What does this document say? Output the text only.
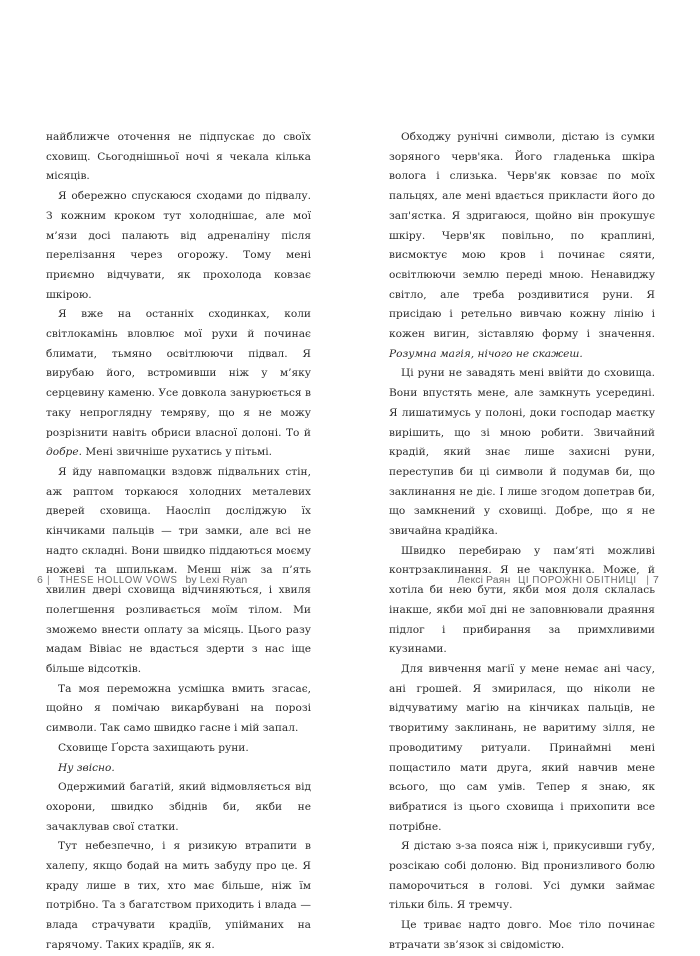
найближче оточення не підпускає до своїх сховищ. Сьогоднішньої ночі я чекала кілька місяців.

Я обережно спускаюся сходами до підвалу. З кожним кроком тут холоднішає, але мої м’язи досі палають від адреналіну після перелізання через огорожу. Тому мені приємно відчувати, як прохолода ковзає шкірою.

Я вже на останніх сходинках, коли світлокамінь вловлює мої рухи й починає блимати, тьмяно освітлюючи підвал. Я вирубаю його, встромивши ніж у м’яку серцевину каменю. Усе довкола занурюється в таку непроглядну темряву, що я не можу розрізнити навіть обриси власної долоні. То й добре. Мені звичніше рухатись у пітьмі.

Я йду навпомацки вздовж підвальних стін, аж раптом торкаюся холодних металевих дверей сховища. Наосліп досліджую їх кінчиками пальців — три замки, але всі не надто складні. Вони швидко піддаються моєму ножеві та шпилькам. Менш ніж за п’ять хвилин двері сховища відчиняються, і хвиля полегшення розливається моїм тілом. Ми зможемо внести оплату за місяць. Цього разу мадам Вівіас не вдасться здерти з нас іще більше відсотків.

Та моя переможна усмішка вмить згасає, щойно я помічаю викарбувані на порозі символи. Так само швидко гасне і мій запал.

Сховище Ґорста захищають руни.

Ну звісно.

Одержимий багатій, який відмовляється від охорони, швидко збіднів би, якби не зачаклував свої статки.

Тут небезпечно, і я ризикую втрапити в халепу, якщо бодай на мить забуду про це. Я краду лише в тих, хто має більше, ніж їм потрібно. Та з багатством приходить і влада — влада страчувати крадіїв, упійманих на гарячому. Таких крадіїв, як я.

6 | THESE HOLLOW VOWS by Lexi Ryan

Обходжу рунічні символи, дістаю із сумки зоряного черв'яка. Його гладенька шкіра волога і слизька. Черв'як ковзає по моїх пальцях, але мені вдається прикласти його до зап'ястка. Я здригаюся, щойно він прокушує шкіру. Черв'як повільно, по краплині, висмоктує мою кров і починає сяяти, освітлюючи землю переді мною. Ненавиджу світло, але треба роздивитися руни. Я присідаю і ретельно вивчаю кожну лінію і кожен вигин, зіставляю форму і значення. Розумна магія, нічого не скажеш.

Ці руни не завадять мені ввійти до сховища. Вони впустять мене, але замкнуть усередині. Я лишатимусь у полоні, доки господар маєтку вирішить, що зі мною робити. Звичайний крадій, який знає лише захисні руни, переступив би ці символи й подумав би, що заклинання не діє. І лише згодом допетрав би, що замкнений у сховищі. Добре, що я не звичайна крадійка.

Швидко перебираю у пам’яті можливі контрзаклинання. Я не чаклунка. Може, й хотіла би нею бути, якби моя доля склалась інакше, якби мої дні не заповнювали драяння підлог і прибирання за примхливими кузинами.

Для вивчення магії у мене немає ані часу, ані грошей. Я змирилася, що ніколи не відчуватиму магію на кінчиках пальців, не творитиму заклинань, не варитиму зілля, не проводитиму ритуали. Принаймні мені пощастило мати друга, який навчив мене всього, що сам умів. Тепер я знаю, як вибратися із цього сховища і прихопити все потрібне.

Я дістаю з-за пояса ніж і, прикусивши губу, розсікаю собі долоню. Від пронизливого болю паморочиться в голові. Усі думки займає тільки біль. Я тремчу.

Це триває надто довго. Моє тіло починає втрачати зв’язок зі свідомістю.

Лексі Раян ЦІ ПОРОЖНІ ОБІТНИЦІ | 7
